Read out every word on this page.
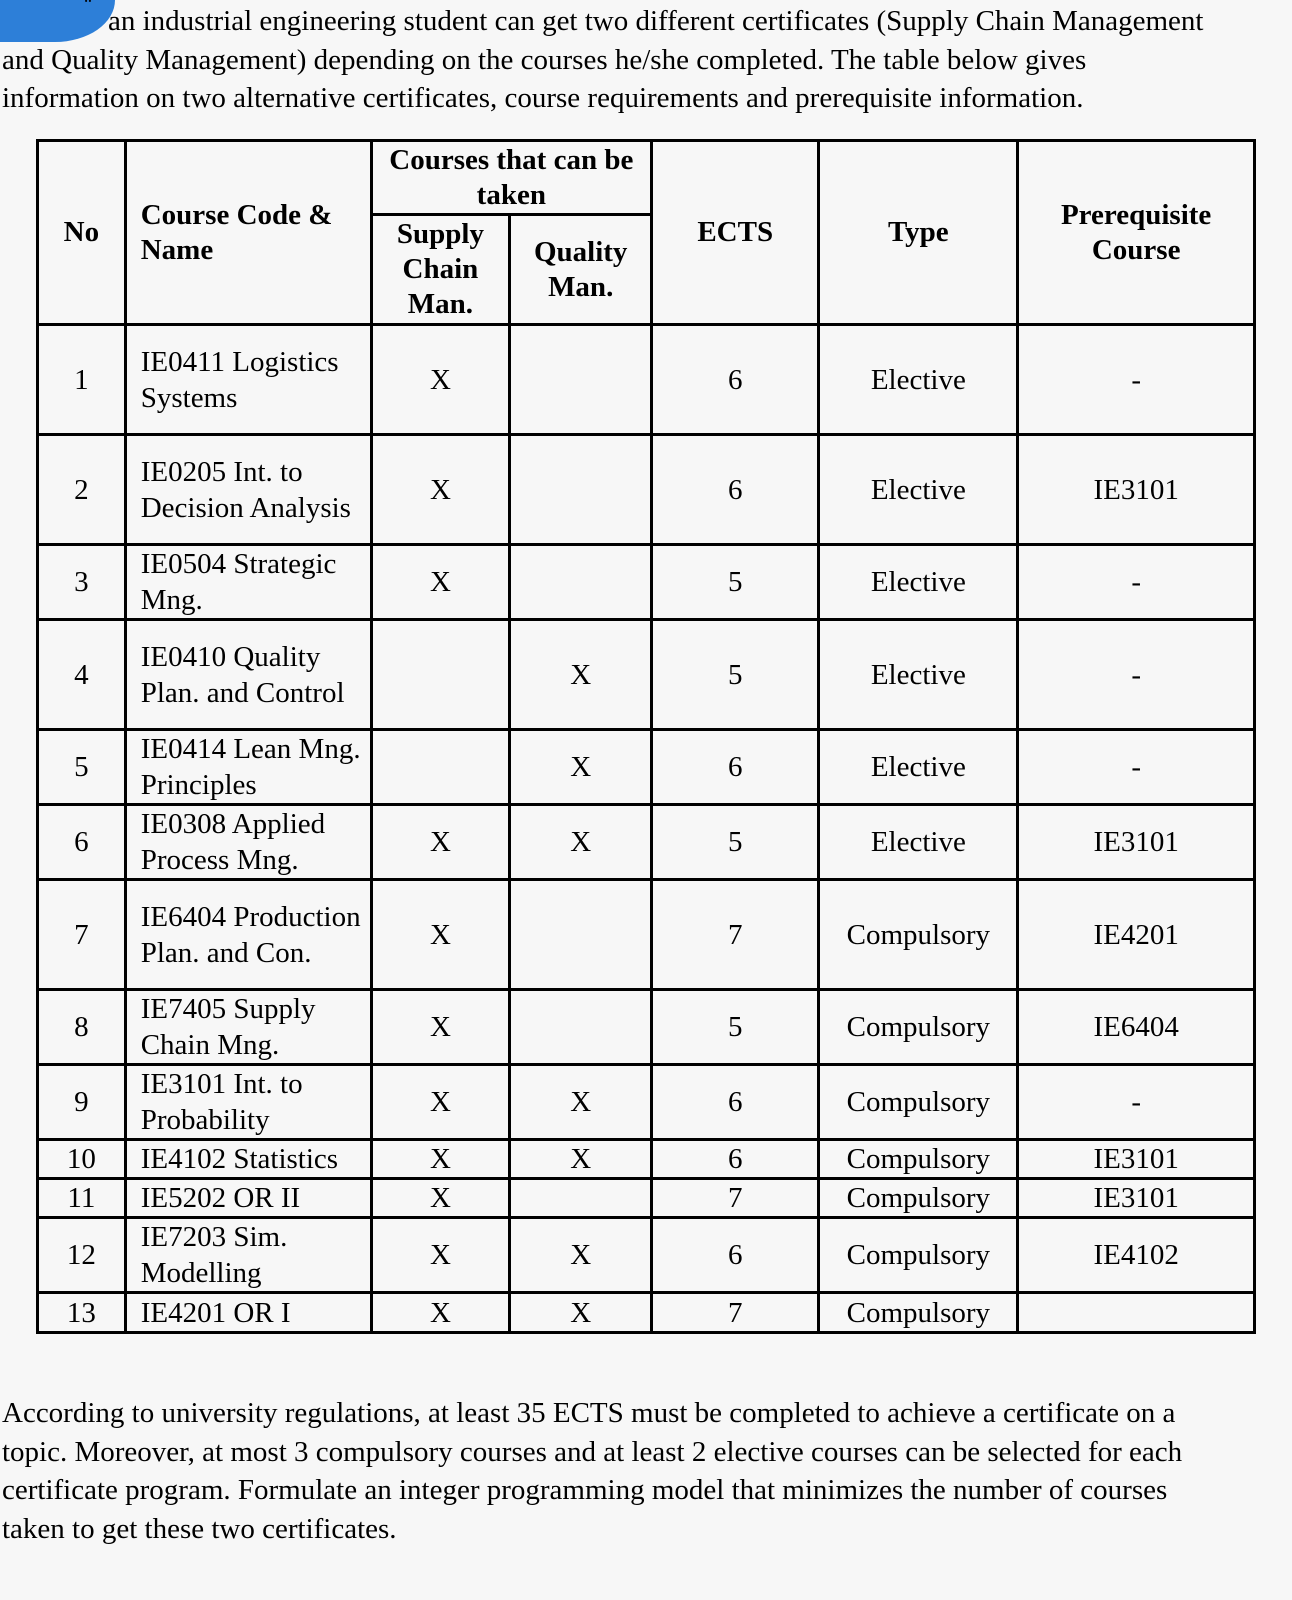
an industrial engineering student can get two different certificates (Supply Chain Management
and Quality Management) depending on the courses he/she completed. The table below gives
information on two alternative certificates, course requirements and prerequisite information.
No	Course Code & Name	Courses that can be taken		ECTS	Type	Prerequisite Course
		Supply Chain Man.	Quality Man.			
1	IE0411 Logistics Systems	X		6	Elective	-
2	IE0205 Int. to Decision Analysis	X		6	Elective	IE3101
3	IE0504 Strategic Mng.	X		5	Elective	-
4	IE0410 Quality Plan. and Control		X	5	Elective	-
5	IE0414 Lean Mng. Principles		X	6	Elective	-
6	IE0308 Applied Process Mng.	X	X	5	Elective	IE3101
7	IE6404 Production Plan. and Con.	X		7	Compulsory	IE4201
8	IE7405 Supply Chain Mng.	X		5	Compulsory	IE6404
9	IE3101 Int. to Probability	X	X	6	Compulsory	-
10	IE4102 Statistics	X	X	6	Compulsory	IE3101
11	IE5202 OR II	X		7	Compulsory	IE3101
12	IE7203 Sim. Modelling	X	X	6	Compulsory	IE4102
13	IE4201 OR I	X	X	7	Compulsory	
According to university regulations, at least 35 ECTS must be completed to achieve a certificate on a
topic. Moreover, at most 3 compulsory courses and at least 2 elective courses can be selected for each
certificate program. Formulate an integer programming model that minimizes the number of courses
taken to get these two certificates.
